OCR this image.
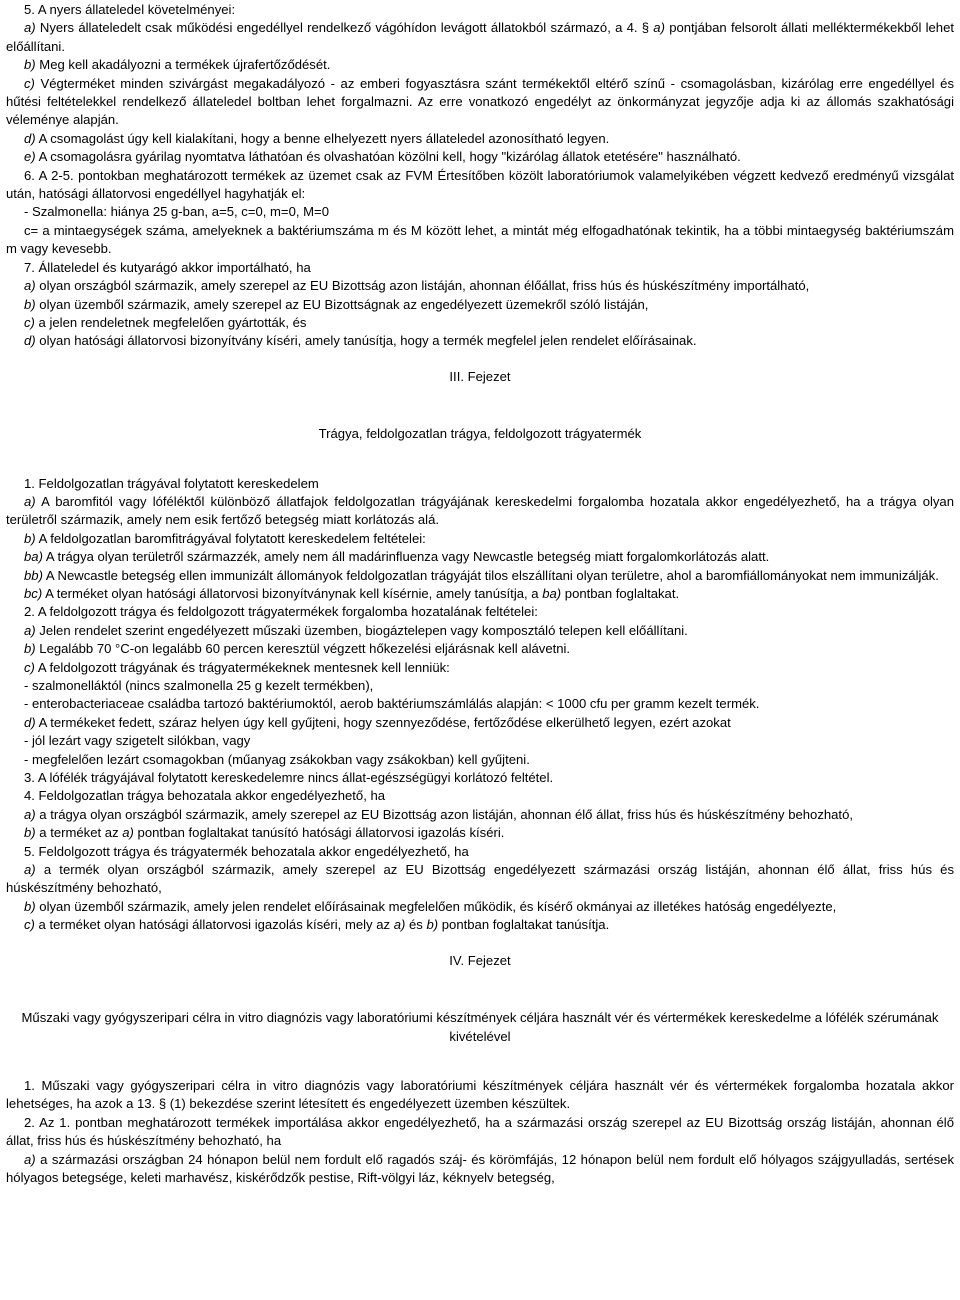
5. A nyers állateledel követelményei:

a) Nyers állateledelt csak működési engedéllyel rendelkező vágóhídon levágott állatokból származó, a 4. § a) pontjában felsorolt állati melléktermékekből lehet előállítani.

b) Meg kell akadályozni a termékek újrafertőződését.

c) Végterméket minden szivárgást megakadályozó - az emberi fogyasztásra szánt termékektől eltérő színű - csomagolásban, kizárólag erre engedéllyel és hűtési feltételekkel rendelkező állateledel boltban lehet forgalmazni. Az erre vonatkozó engedélyt az önkormányzat jegyzője adja ki az állomás szakhatósági véleménye alapján.

d) A csomagolást úgy kell kialakítani, hogy a benne elhelyezett nyers állateledel azonosítható legyen.

e) A csomagolásra gyárilag nyomtatva láthatóan és olvashatóan közölni kell, hogy "kizárólag állatok etetésére" használható.

6. A 2-5. pontokban meghatározott termékek az üzemet csak az FVM Értesítőben közölt laboratóriumok valamelyikében végzett kedvező eredményű vizsgálat után, hatósági állatorvosi engedéllyel hagyhatják el:

- Szalmonella: hiánya 25 g-ban, a=5, c=0, m=0, M=0

c= a mintaegységek száma, amelyeknek a baktériumszáma m és M között lehet, a mintát még elfogadhatónak tekintik, ha a többi mintaegység baktériumszám m vagy kevesebb.

7. Állateledel és kutyarágó akkor importálható, ha

a) olyan országból származik, amely szerepel az EU Bizottság azon listáján, ahonnan élőállat, friss hús és húskészítmény importálható,

b) olyan üzemből származik, amely szerepel az EU Bizottságnak az engedélyezett üzemekről szóló listáján,

c) a jelen rendeletnek megfelelően gyártották, és

d) olyan hatósági állatorvosi bizonyítvány kíséri, amely tanúsítja, hogy a termék megfelel jelen rendelet előírásainak.

III. Fejezet

Trágya, feldolgozatlan trágya, feldolgozott trágyatermék

1. Feldolgozatlan trágyával folytatott kereskedelem

a) A baromfitól vagy lóféléktől különböző állatfajok feldolgozatlan trágyájának kereskedelmi forgalomba hozatala akkor engedélyezhető, ha a trágya olyan területről származik, amely nem esik fertőző betegség miatt korlátozás alá.

b) A feldolgozatlan baromfitrágyával folytatott kereskedelem feltételei:

ba) A trágya olyan területről származzék, amely nem áll madárinfluenza vagy Newcastle betegség miatt forgalomkorlátozás alatt.

bb) A Newcastle betegség ellen immunizált állományok feldolgozatlan trágyáját tilos elszállítani olyan területre, ahol a baromfiállományokat nem immunizálják.

bc) A terméket olyan hatósági állatorvosi bizonyítványnak kell kísérnie, amely tanúsítja, a ba) pontban foglaltakat.

2. A feldolgozott trágya és feldolgozott trágyatermékek forgalomba hozatalának feltételei:

a) Jelen rendelet szerint engedélyezett műszaki üzemben, biogáztelepen vagy komposztáló telepen kell előállítani.

b) Legalább 70 °C-on legalább 60 percen keresztül végzett hőkezelési eljárásnak kell alávetni.

c) A feldolgozott trágyának és trágyatermékeknek mentesnek kell lenniük:

- szalmonelláktól (nincs szalmonella 25 g kezelt termékben),

- enterobacteriaceae családba tartozó baktériumoktól, aerob baktériumszámlálás alapján: < 1000 cfu per gramm kezelt termék.

d) A termékeket fedett, száraz helyen úgy kell gyűjteni, hogy szennyeződése, fertőződése elkerülhető legyen, ezért azokat

- jól lezárt vagy szigetelt silókban, vagy

- megfelelően lezárt csomagokban (műanyag zsákokban vagy zsákokban) kell gyűjteni.

3. A lófélék trágyájával folytatott kereskedelemre nincs állat-egészségügyi korlátozó feltétel.

4. Feldolgozatlan trágya behozatala akkor engedélyezhető, ha

a) a trágya olyan országból származik, amely szerepel az EU Bizottság azon listáján, ahonnan élő állat, friss hús és húskészítmény behozható,

b) a terméket az a) pontban foglaltakat tanúsító hatósági állatorvosi igazolás kíséri.

5. Feldolgozott trágya és trágyatermék behozatala akkor engedélyezhető, ha

a) a termék olyan országból származik, amely szerepel az EU Bizottság engedélyezett származási ország listáján, ahonnan élő állat, friss hús és húskészítmény behozható,

b) olyan üzemből származik, amely jelen rendelet előírásainak megfelelően működik, és kísérő okmányai az illetékes hatóság engedélyezte,

c) a terméket olyan hatósági állatorvosi igazolás kíséri, mely az a) és b) pontban foglaltakat tanúsítja.

IV. Fejezet

Műszaki vagy gyógyszeripari célra in vitro diagnózis vagy laboratóriumi készítmények céljára használt vér és vértermékek kereskedelme a lófélék szérumának kivételével

1. Műszaki vagy gyógyszeripari célra in vitro diagnózis vagy laboratóriumi készítmények céljára használt vér és vértermékek forgalomba hozatala akkor lehetséges, ha azok a 13. § (1) bekezdése szerint létesített és engedélyezett üzemben készültek.

2. Az 1. pontban meghatározott termékek importálása akkor engedélyezhető, ha a származási ország szerepel az EU Bizottság ország listáján, ahonnan élő állat, friss hús és húskészítmény behozható, ha

a) a származási országban 24 hónapon belül nem fordult elő ragadós száj- és körömfájás, 12 hónapon belül nem fordult elő hólyagos szájgyulladás, sertések hólyagos betegsége, keleti marhavész, kiskérődzők pestise, Rift-völgyi láz, kéknyelv betegség,
